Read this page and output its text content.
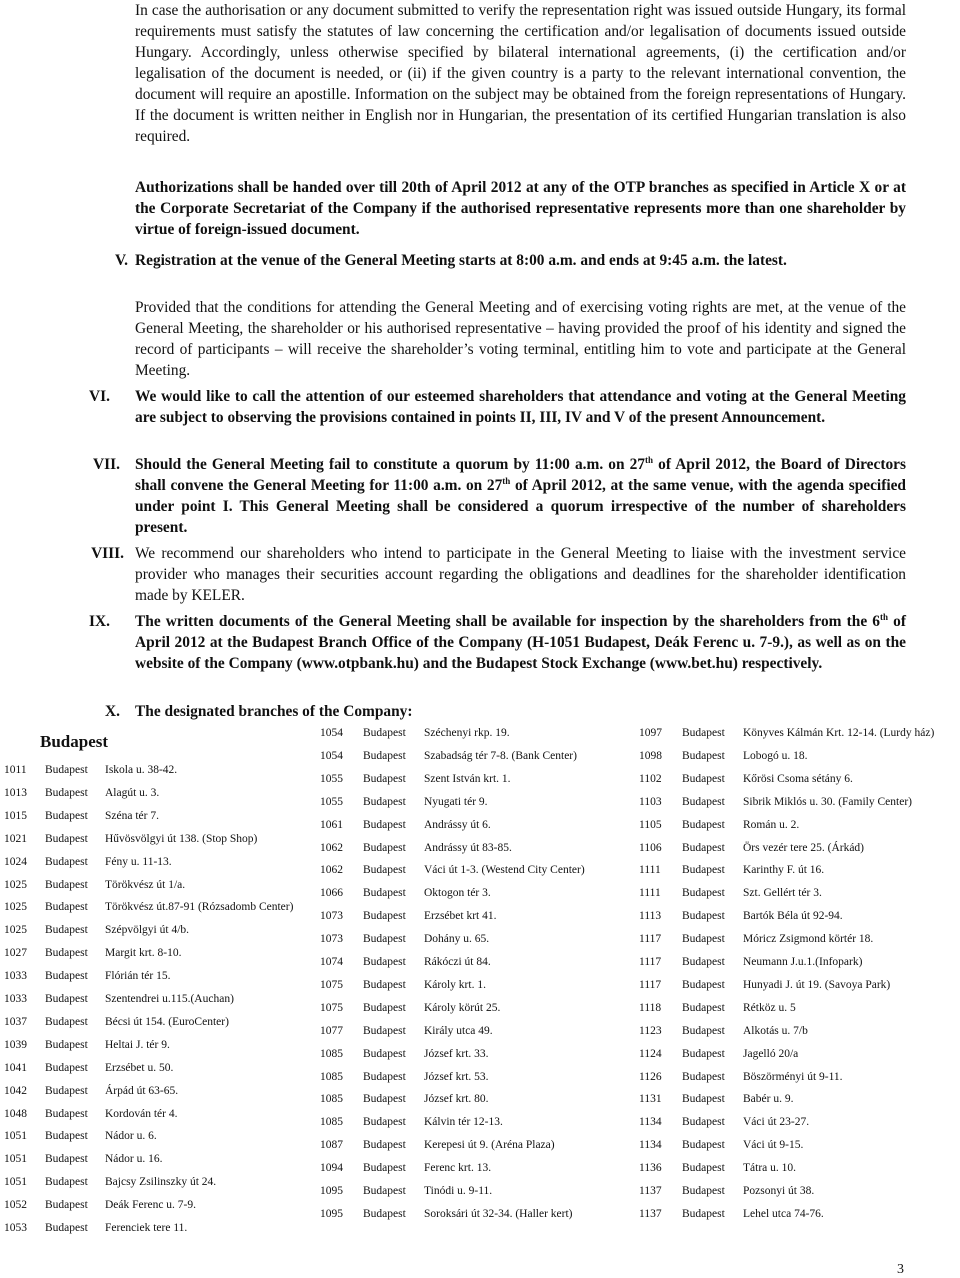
In case the authorisation or any document submitted to verify the representation right was issued outside Hungary, its formal requirements must satisfy the statutes of law concerning the certification and/or legalisation of documents issued outside Hungary. Accordingly, unless otherwise specified by bilateral international agreements, (i) the certification and/or legalisation of the document is needed, or (ii) if the given country is a party to the relevant international convention, the document will require an apostille. Information on the subject may be obtained from the foreign representations of Hungary. If the document is written neither in English nor in Hungarian, the presentation of its certified Hungarian translation is also required.

Authorizations shall be handed over till 20th of April 2012 at any of the OTP branches as specified in Article X or at the Corporate Secretariat of the Company if the authorised representative represents more than one shareholder by virtue of foreign-issued document.

V. Registration at the venue of the General Meeting starts at 8:00 a.m. and ends at 9:45 a.m. the latest.

Provided that the conditions for attending the General Meeting and of exercising voting rights are met, at the venue of the General Meeting, the shareholder or his authorised representative – having provided the proof of his identity and signed the record of participants – will receive the shareholder’s voting terminal, entitling him to vote and participate at the General Meeting.

VI. We would like to call the attention of our esteemed shareholders that attendance and voting at the General Meeting are subject to observing the provisions contained in points II, III, IV and V of the present Announcement.

VII. Should the General Meeting fail to constitute a quorum by 11:00 a.m. on 27th of April 2012, the Board of Directors shall convene the General Meeting for 11:00 a.m. on 27th of April 2012, at the same venue, with the agenda specified under point I. This General Meeting shall be considered a quorum irrespective of the number of shareholders present.

VIII. We recommend our shareholders who intend to participate in the General Meeting to liaise with the investment service provider who manages their securities account regarding the obligations and deadlines for the shareholder identification made by KELER.

IX. The written documents of the General Meeting shall be available for inspection by the shareholders from the 6th of April 2012 at the Budapest Branch Office of the Company (H-1051 Budapest, Deák Ferenc u. 7-9.), as well as on the website of the Company (www.otpbank.hu) and the Budapest Stock Exchange (www.bet.hu) respectively.

X. The designated branches of the Company:

Budapest
1011 Budapest Iskola u. 38-42.
1013 Budapest Alagút u. 3.
1015 Budapest Széna tér 7.
1021 Budapest Hűvösvölgyi út 138. (Stop Shop)
1024 Budapest Fény u. 11-13.
1025 Budapest Törökvész út 1/a.
1025 Budapest Törökvész út.87-91 (Rózsadomb Center)
1025 Budapest Szépvölgyi út 4/b.
1027 Budapest Margit krt. 8-10.
1033 Budapest Flórián tér 15.
1033 Budapest Szentendrei u.115.(Auchan)
1037 Budapest Bécsi út 154. (EuroCenter)
1039 Budapest Heltai J. tér 9.
1041 Budapest Erzsébet u. 50.
1042 Budapest Árpád út 63-65.
1048 Budapest Kordován tér 4.
1051 Budapest Nádor u. 6.
1051 Budapest Nádor u. 16.
1051 Budapest Bajcsy Zsilinszky út 24.
1052 Budapest Deák Ferenc u. 7-9.
1053 Budapest Ferenciek tere 11.
1054 Budapest Széchenyi rkp. 19.
1054 Budapest Szabadság tér 7-8. (Bank Center)
1055 Budapest Szent István krt. 1.
1055 Budapest Nyugati tér 9.
1061 Budapest Andrássy út 6.
1062 Budapest Andrássy út 83-85.
1062 Budapest Váci út 1-3. (Westend City Center)
1066 Budapest Oktogon tér 3.
1073 Budapest Erzsébet krt 41.
1073 Budapest Dohány u. 65.
1074 Budapest Rákóczi út 84.
1075 Budapest Károly krt. 1.
1075 Budapest Károly körút 25.
1077 Budapest Király utca 49.
1085 Budapest József krt. 33.
1085 Budapest József krt. 53.
1085 Budapest József krt. 80.
1085 Budapest Kálvin tér 12-13.
1087 Budapest Kerepesi út 9. (Aréna Plaza)
1094 Budapest Ferenc krt. 13.
1095 Budapest Tinódi u. 9-11.
1095 Budapest Soroksári út 32-34. (Haller kert)
1097 Budapest Könyves Kálmán Krt. 12-14. (Lurdy ház)
1098 Budapest Lobogó u. 18.
1102 Budapest Kőrösi Csoma sétány 6.
1103 Budapest Sibrik Miklós u. 30. (Family Center)
1105 Budapest Román u. 2.
1106 Budapest Örs vezér tere 25. (Árkád)
1111 Budapest Karinthy F. út 16.
1111 Budapest Szt. Gellért tér 3.
1113 Budapest Bartók Béla út 92-94.
1117 Budapest Móricz Zsigmond körtér 18.
1117 Budapest Neumann J.u.1.(Infopark)
1117 Budapest Hunyadi J. út 19. (Savoya Park)
1118 Budapest Rétköz u. 5
1123 Budapest Alkotás u. 7/b
1124 Budapest Jagelló 20/a
1126 Budapest Böszörményi út 9-11.
1131 Budapest Babér u. 9.
1134 Budapest Váci út 23-27.
1134 Budapest Váci út 9-15.
1136 Budapest Tátra u. 10.
1137 Budapest Pozsonyi út 38.
1137 Budapest Lehel utca 74-76.
3
